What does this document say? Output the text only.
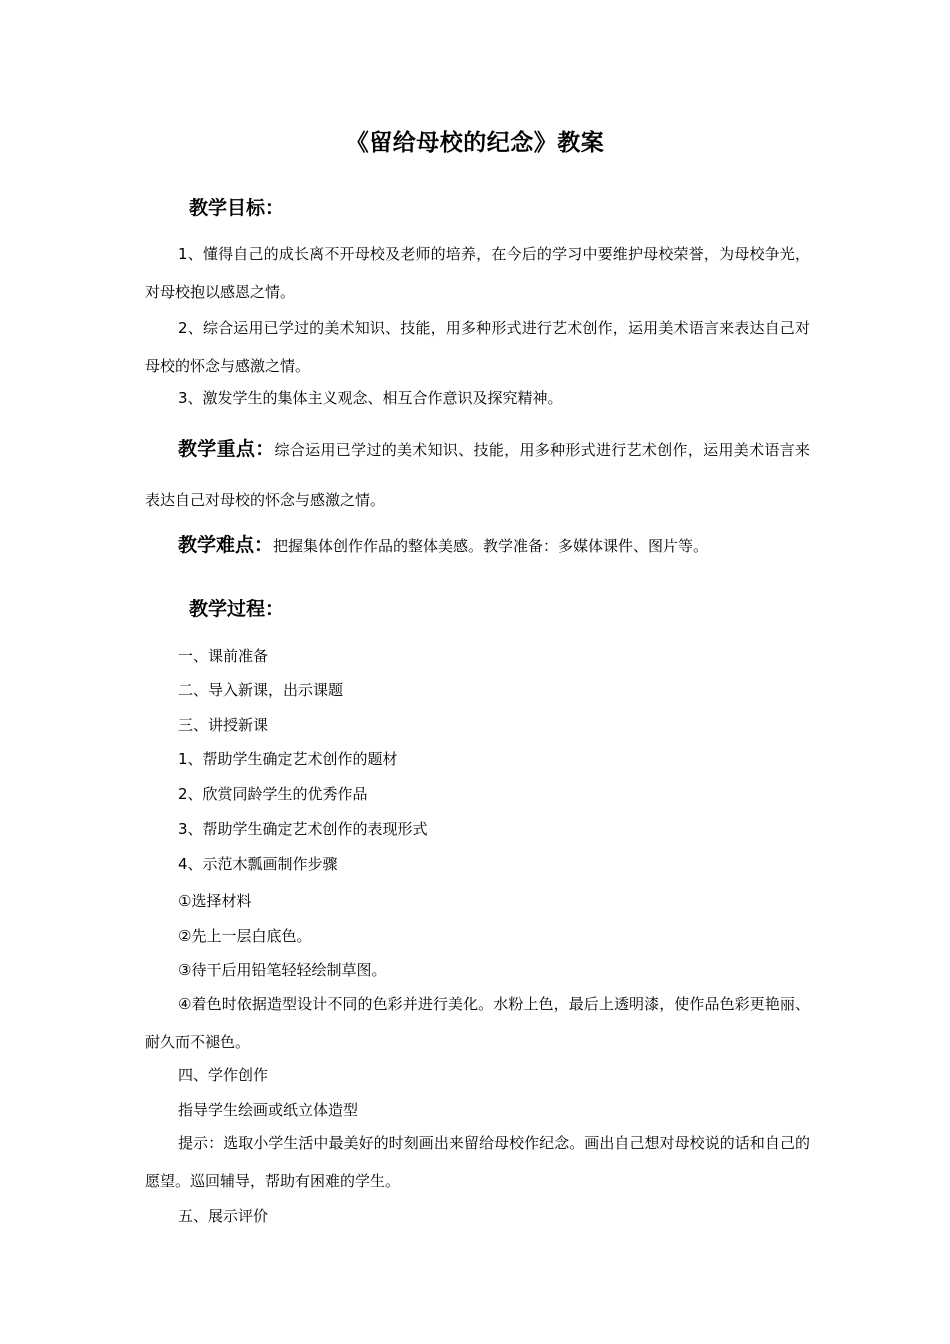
《留给母校的纪念》教案
教学目标：

1、懂得自己的成长离不开母校及老师的培养，在今后的学习中要维护母校荣誉，为母校争光，对母校抱以感恩之情。

2、综合运用已学过的美术知识、技能，用多种形式进行艺术创作，运用美术语言来表达自己对母校的怀念与感激之情。

3、激发学生的集体主义观念、相互合作意识及探究精神。

教学重点：综合运用已学过的美术知识、技能，用多种形式进行艺术创作，运用美术语言来表达自己对母校的怀念与感激之情。

教学难点：把握集体创作作品的整体美感。教学准备：多媒体课件、图片等。

教学过程：

一、课前准备

二、导入新课，出示课题

三、讲授新课

1、帮助学生确定艺术创作的题材

2、欣赏同龄学生的优秀作品

3、帮助学生确定艺术创作的表现形式

4、示范木瓢画制作步骤

①选择材料

②先上一层白底色。

③待干后用铅笔轻轻绘制草图。

④着色时依据造型设计不同的色彩并进行美化。水粉上色，最后上透明漆，使作品色彩更艳丽、耐久而不褪色。

四、学作创作

指导学生绘画或纸立体造型

提示：选取小学生活中最美好的时刻画出来留给母校作纪念。画出自己想对母校说的话和自己的愿望。巡回辅导，帮助有困难的学生。

五、展示评价
